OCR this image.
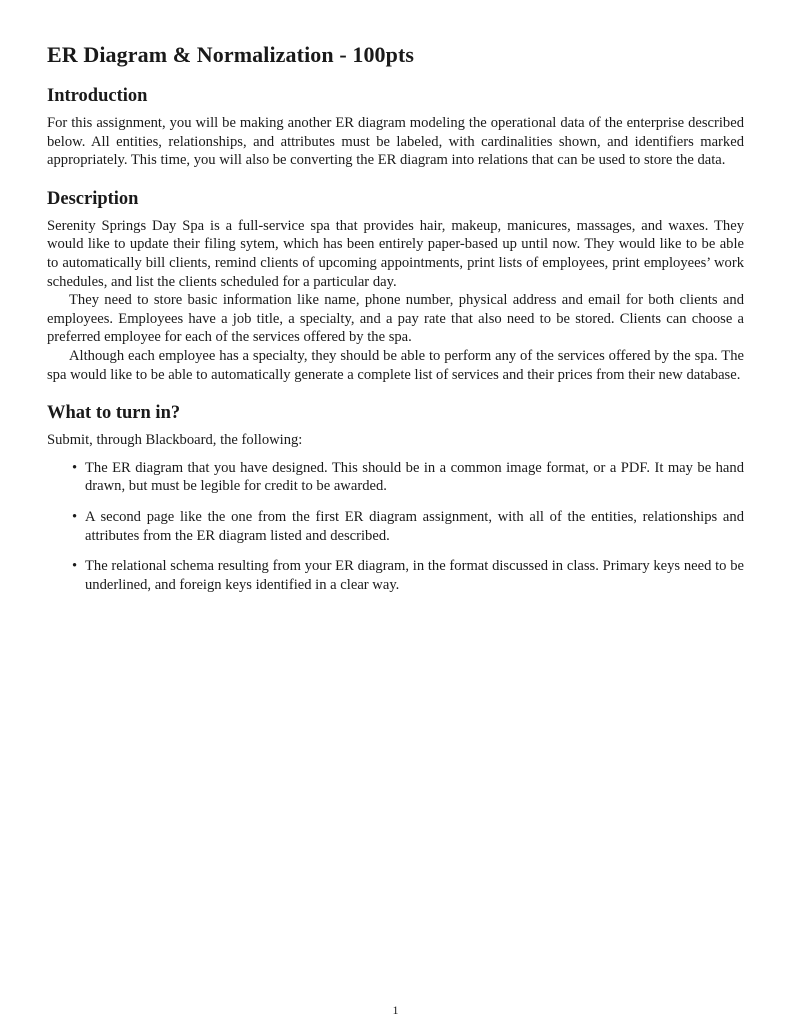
ER Diagram & Normalization - 100pts
Introduction

For this assignment, you will be making another ER diagram modeling the operational data of the enterprise described below. All entities, relationships, and attributes must be labeled, with cardinalities shown, and identifiers marked appropriately. This time, you will also be converting the ER diagram into relations that can be used to store the data.

Description

Serenity Springs Day Spa is a full-service spa that provides hair, makeup, manicures, massages, and waxes. They would like to update their filing sytem, which has been entirely paper-based up until now. They would like to be able to automatically bill clients, remind clients of upcoming appointments, print lists of employees, print employees’ work schedules, and list the clients scheduled for a particular day.

They need to store basic information like name, phone number, physical address and email for both clients and employees. Employees have a job title, a specialty, and a pay rate that also need to be stored. Clients can choose a preferred employee for each of the services offered by the spa.

Although each employee has a specialty, they should be able to perform any of the services offered by the spa. The spa would like to be able to automatically generate a complete list of services and their prices from their new database.

What to turn in?

Submit, through Blackboard, the following:

• The ER diagram that you have designed. This should be in a common image format, or a PDF. It may be hand drawn, but must be legible for credit to be awarded.
• A second page like the one from the first ER diagram assignment, with all of the entities, relationships and attributes from the ER diagram listed and described.
• The relational schema resulting from your ER diagram, in the format discussed in class. Primary keys need to be underlined, and foreign keys identified in a clear way.
1
